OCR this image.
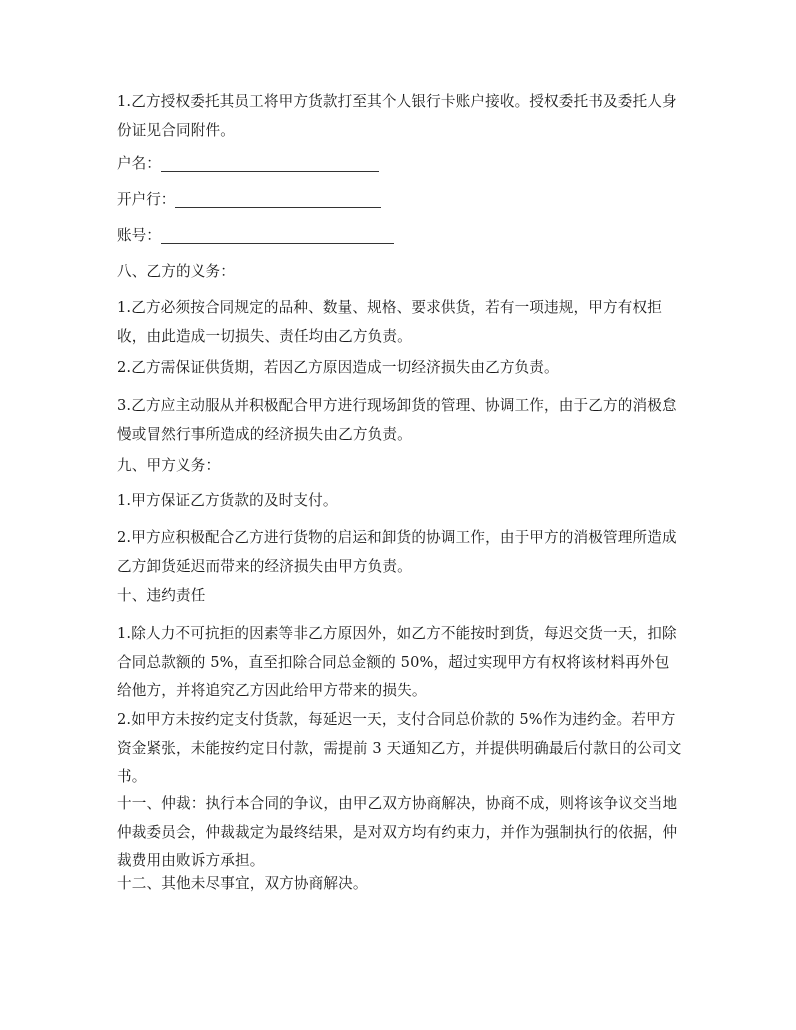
1.乙方授权委托其员工将甲方货款打至其个人银行卡账户接收。授权委托书及委托人身份证见合同附件。

户名：
开户行：
账号：

八、乙方的义务：

1.乙方必须按合同规定的品种、数量、规格、要求供货，若有一项违规，甲方有权拒收，由此造成一切损失、责任均由乙方负责。

2.乙方需保证供货期，若因乙方原因造成一切经济损失由乙方负责。

3.乙方应主动服从并积极配合甲方进行现场卸货的管理、协调工作，由于乙方的消极怠慢或冒然行事所造成的经济损失由乙方负责。

九、甲方义务：

1.甲方保证乙方货款的及时支付。

2.甲方应积极配合乙方进行货物的启运和卸货的协调工作，由于甲方的消极管理所造成乙方卸货延迟而带来的经济损失由甲方负责。

十、违约责任

1.除人力不可抗拒的因素等非乙方原因外，如乙方不能按时到货，每迟交货一天，扣除合同总款额的 5%，直至扣除合同总金额的 50%，超过实现甲方有权将该材料再外包给他方，并将追究乙方因此给甲方带来的损失。

2.如甲方未按约定支付货款，每延迟一天，支付合同总价款的 5%作为违约金。若甲方资金紧张，未能按约定日付款，需提前 3 天通知乙方，并提供明确最后付款日的公司文书。

十一、仲裁：执行本合同的争议，由甲乙双方协商解决，协商不成，则将该争议交当地仲裁委员会，仲裁裁定为最终结果，是对双方均有约束力，并作为强制执行的依据，仲裁费用由败诉方承担。

十二、其他未尽事宜，双方协商解决。
